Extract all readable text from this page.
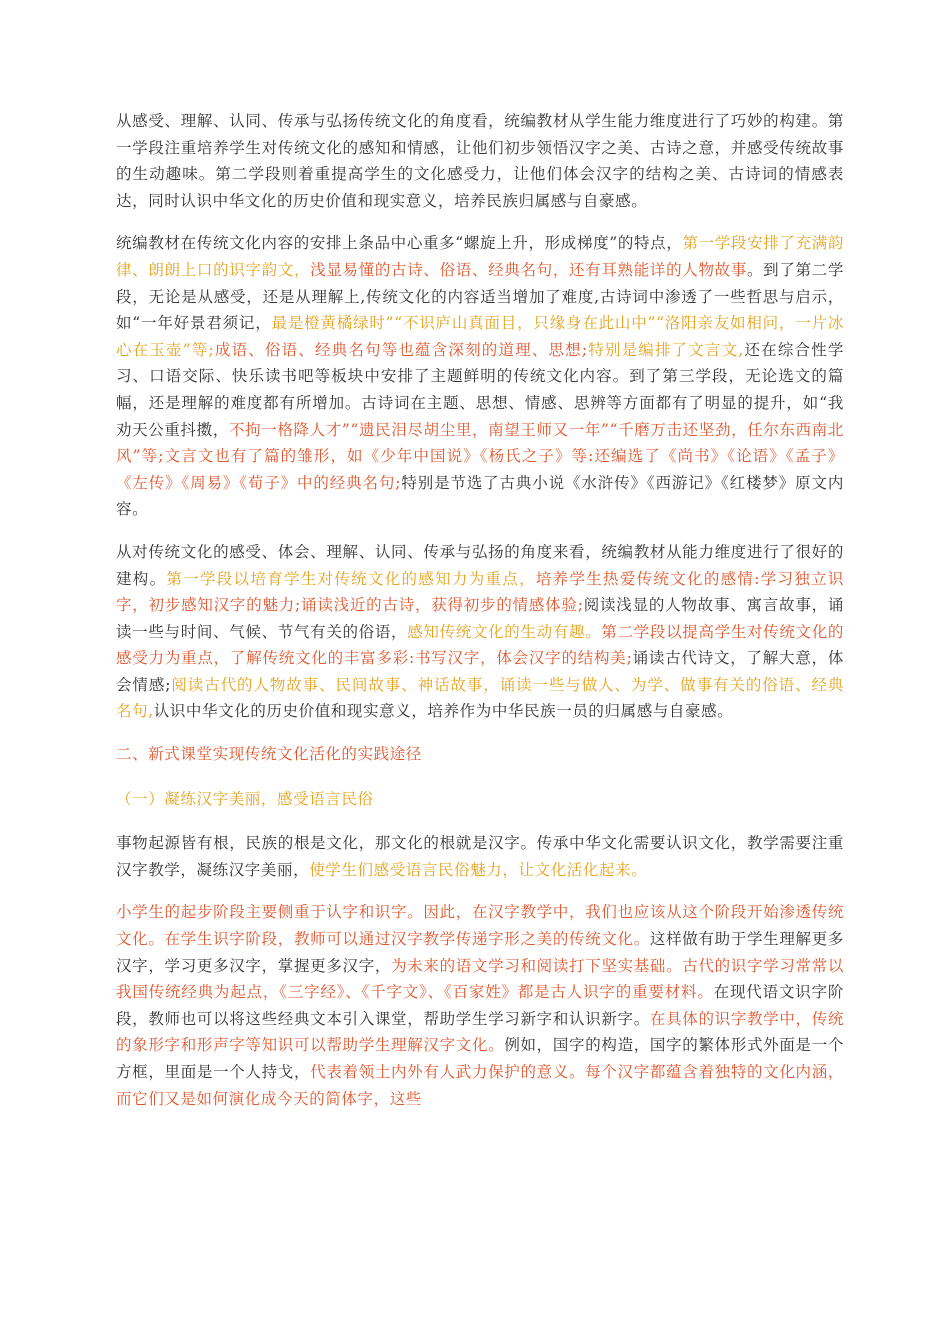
从感受、理解、认同、传承与弘扬传统文化的角度看，统编教材从学生能力维度进行了巧妙的构建。第一学段注重培养学生对传统文化的感知和情感，让他们初步领悟汉字之美、古诗之意，并感受传统故事的生动趣味。第二学段则着重提高学生的文化感受力，让他们体会汉字的结构之美、古诗词的情感表达，同时认识中华文化的历史价值和现实意义，培养民族归属感与自豪感。

统编教材在传统文化内容的安排上条品中心重多“螺旋上升，形成梯度”的特点，第一学段安排了充满韵律、朗朗上口的识字韵文，浅显易懂的古诗、俗语、经典名句，还有耳熟能详的人物故事。到了第二学段，无论是从感受，还是从理解上,传统文化的内容适当增加了难度,古诗词中渗透了一些哲思与启示，如“一年好景君须记，最是橙黄橘绿时”“不识庐山真面目，只缘身在此山中”“洛阳亲友如相问，一片冰心在玉壶”等;成语、俗语、经典名句等也蕴含深刻的道理、思想;特别是编排了文言文,还在综合性学习、口语交际、快乐读书吧等板块中安排了主题鲜明的传统文化内容。到了第三学段，无论选文的篇幅，还是理解的难度都有所增加。古诗词在主题、思想、情感、思辨等方面都有了明显的提升，如“我劝天公重抖擞，不拘一格降人才”“遗民泪尽胡尘里，南望王师又一年”“千磨万击还坚劲，任尔东西南北风”等;文言文也有了篇的雏形，如《少年中国说》《杨氏之子》等:还编选了《尚书》《论语》《孟子》《左传》《周易》《荀子》中的经典名句;特别是节选了古典小说《水浒传》《西游记》《红楼梦》原文内容。

从对传统文化的感受、体会、理解、认同、传承与弘扬的角度来看，统编教材从能力维度进行了很好的建构。第一学段以培育学生对传统文化的感知力为重点，培养学生热爱传统文化的感情:学习独立识字，初步感知汉字的魅力;诵读浅近的古诗，获得初步的情感体验;阅读浅显的人物故事、寓言故事，诵读一些与时间、气候、节气有关的俗语，感知传统文化的生动有趣。第二学段以提高学生对传统文化的感受力为重点，了解传统文化的丰富多彩:书写汉字，体会汉字的结构美;诵读古代诗文，了解大意，体会情感;阅读古代的人物故事、民间故事、神话故事，诵读一些与做人、为学、做事有关的俗语、经典名句,认识中华文化的历史价值和现实意义，培养作为中华民族一员的归属感与自豪感。

二、新式课堂实现传统文化活化的实践途径

（一）凝练汉字美丽，感受语言民俗

事物起源皆有根，民族的根是文化，那文化的根就是汉字。传承中华文化需要认识文化，教学需要注重汉字教学，凝练汉字美丽，使学生们感受语言民俗魅力，让文化活化起来。

小学生的起步阶段主要侧重于认字和识字。因此，在汉字教学中，我们也应该从这个阶段开始渗透传统文化。在学生识字阶段，教师可以通过汉字教学传递字形之美的传统文化。这样做有助于学生理解更多汉字，学习更多汉字，掌握更多汉字，为未来的语文学习和阅读打下坚实基础。古代的识字学习常常以我国传统经典为起点，《三字经》、《千字文》、《百家姓》都是古人识字的重要材料。在现代语文识字阶段，教师也可以将这些经典文本引入课堂，帮助学生学习新字和认识新字。在具体的识字教学中，传统的象形字和形声字等知识可以帮助学生理解汉字文化。例如，国字的构造，国字的繁体形式外面是一个方框，里面是一个人持戈，代表着领土内外有人武力保护的意义。每个汉字都蕴含着独特的文化内涵，而它们又是如何演化成今天的简体字，这些
